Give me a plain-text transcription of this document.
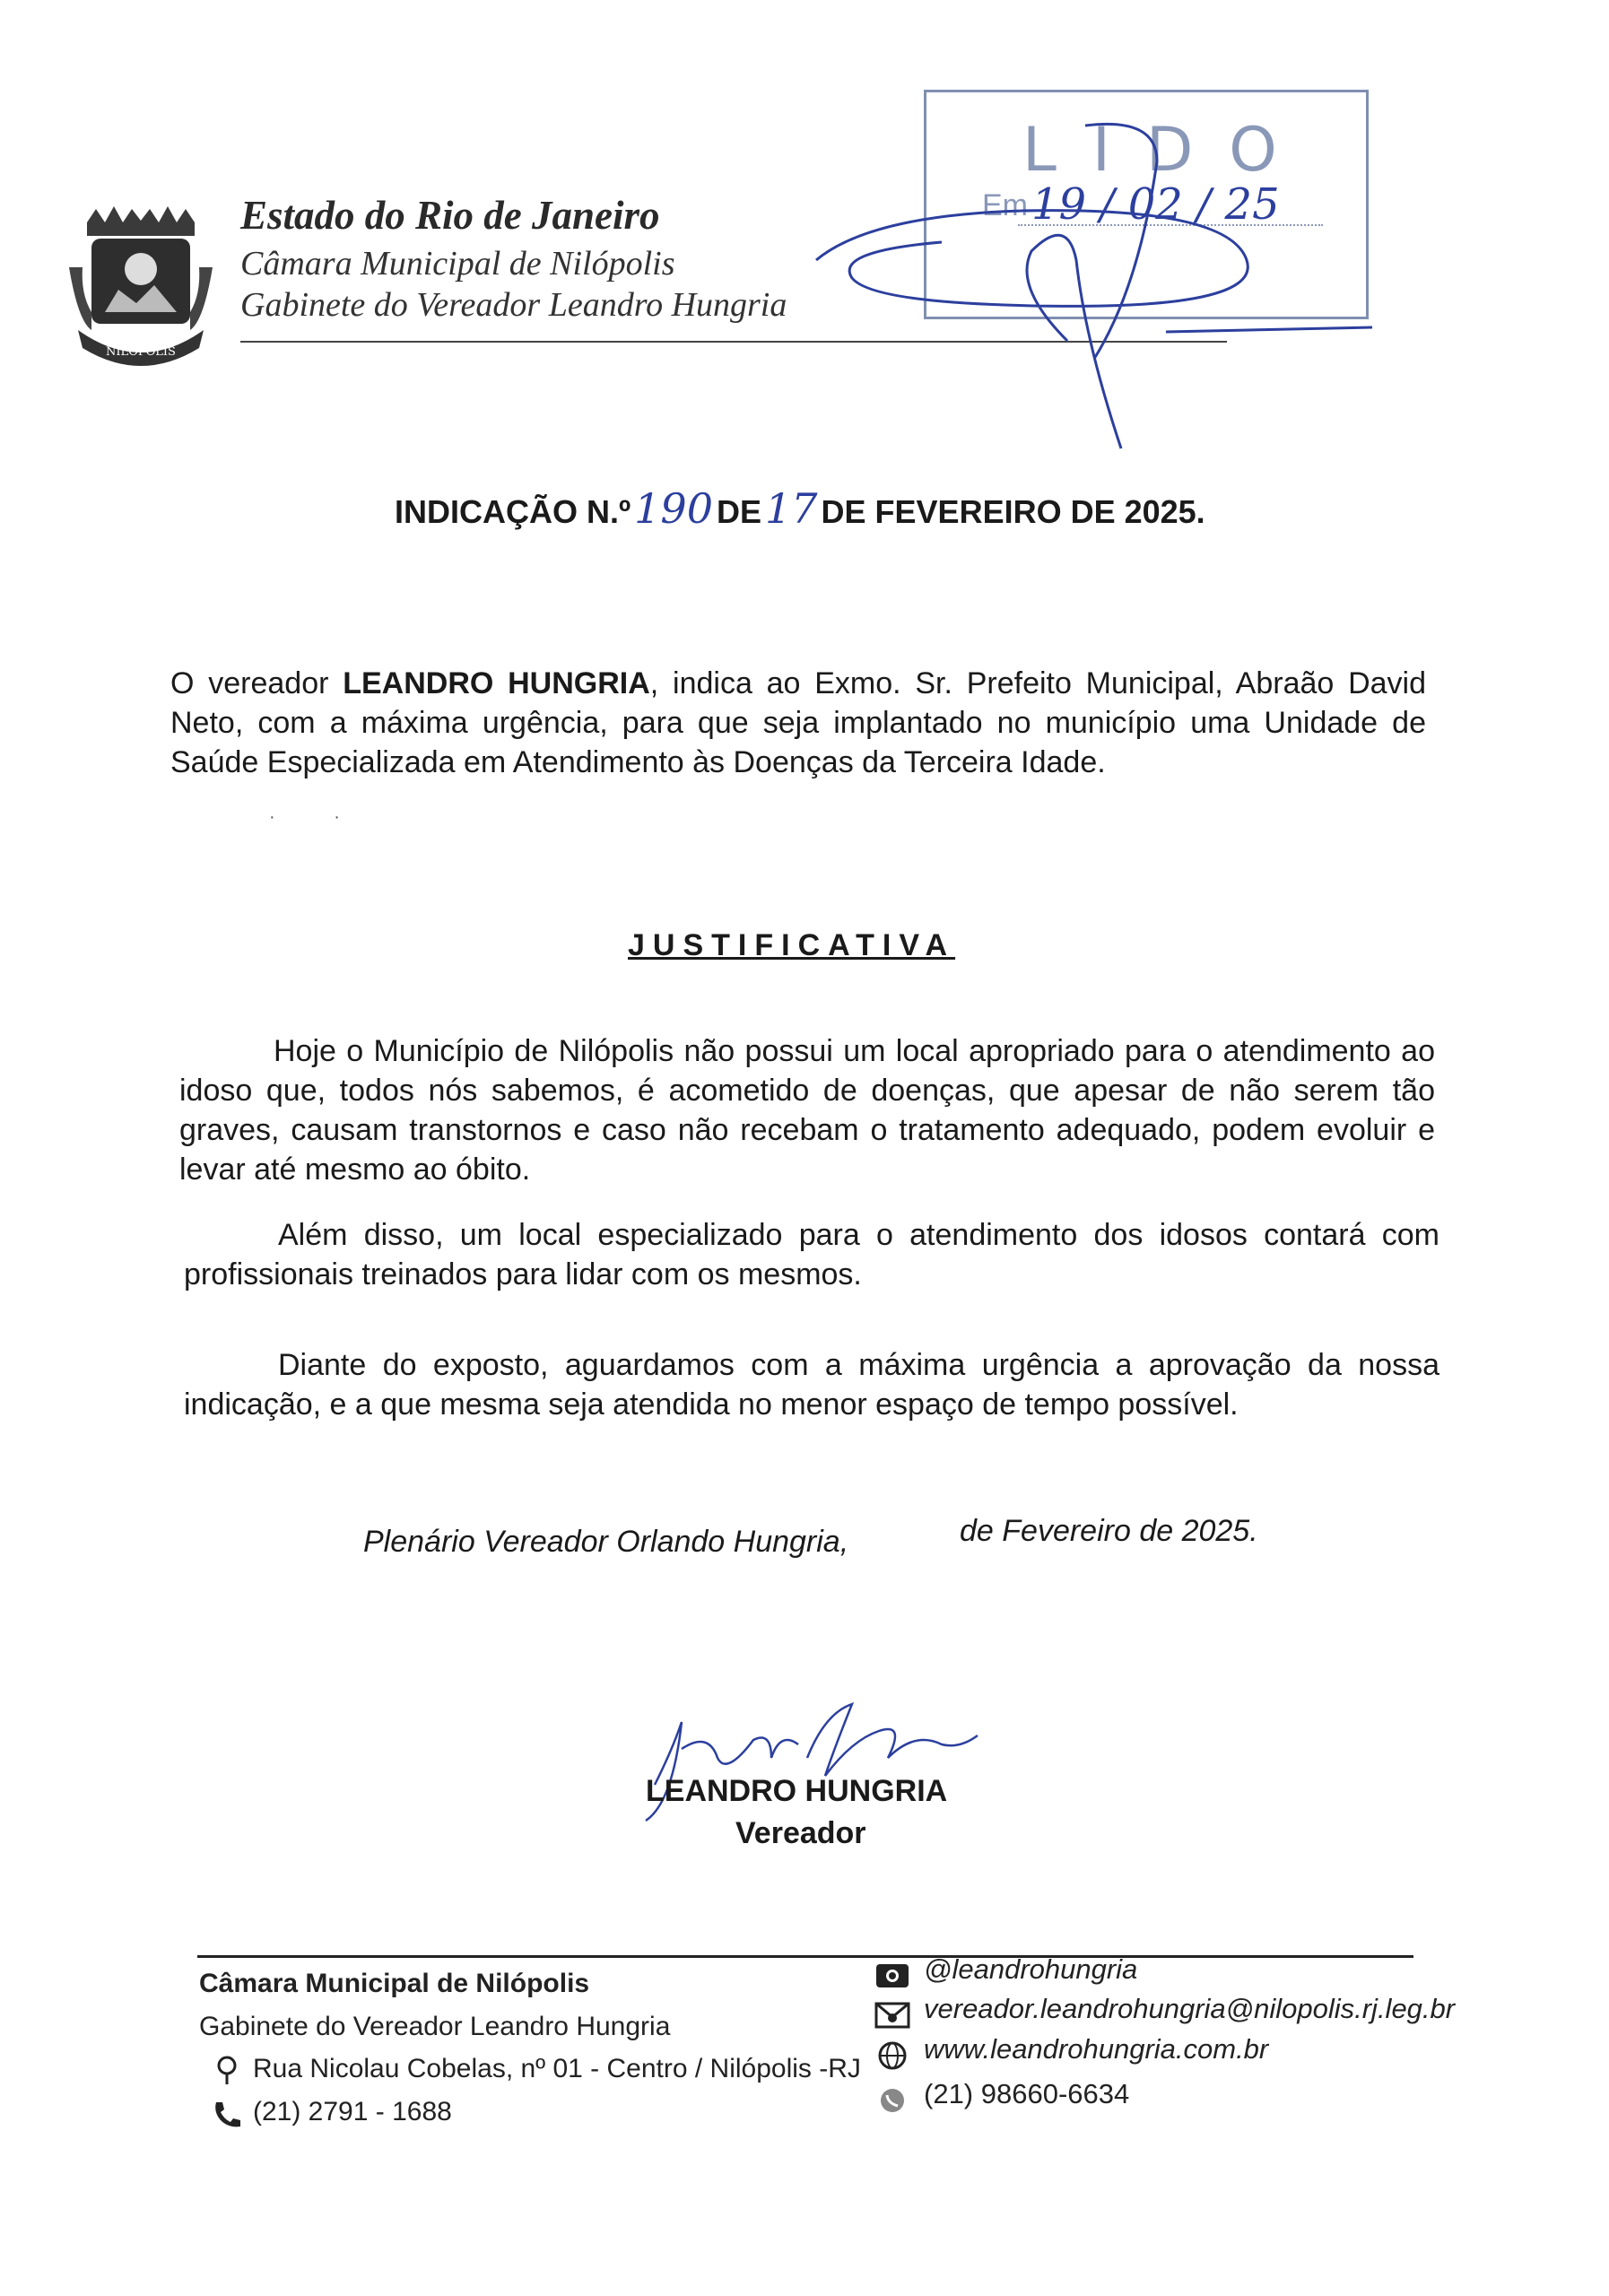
NILÓPOLIS
Estado do Rio de Janeiro
Câmara Municipal de Nilópolis
Gabinete do Vereador Leandro Hungria
LIDO
Em 19 / 02 / 25
INDICAÇÃO N.º190 DE17 DE FEVEREIRO DE 2025.
O vereador LEANDRO HUNGRIA, indica ao Exmo. Sr. Prefeito Municipal, Abraão David Neto, com a máxima urgência, para que seja implantado no município uma Unidade de Saúde Especializada em Atendimento às Doenças da Terceira Idade.
· ·
JUSTIFICATIVA
Hoje o Município de Nilópolis não possui um local apropriado para o atendimento ao idoso que, todos nós sabemos, é acometido de doenças, que apesar de não serem tão graves, causam transtornos e caso não recebam o tratamento adequado, podem evoluir e levar até mesmo ao óbito.
Além disso, um local especializado para o atendimento dos idosos contará com profissionais treinados para lidar com os mesmos.
Diante do exposto, aguardamos com a máxima urgência a aprovação da nossa indicação, e a que mesma seja atendida no menor espaço de tempo possível.
Plenário Vereador Orlando Hungria,	de Fevereiro de 2025.
LEANDRO HUNGRIA
Vereador
Câmara Municipal de Nilópolis
Gabinete do Vereador Leandro Hungria
Rua Nicolau Cobelas, nº 01 - Centro / Nilópolis -RJ
(21) 2791 - 1688
@leandrohungria
vereador.leandrohungria@nilopolis.rj.leg.br
www.leandrohungria.com.br
(21) 98660-6634
